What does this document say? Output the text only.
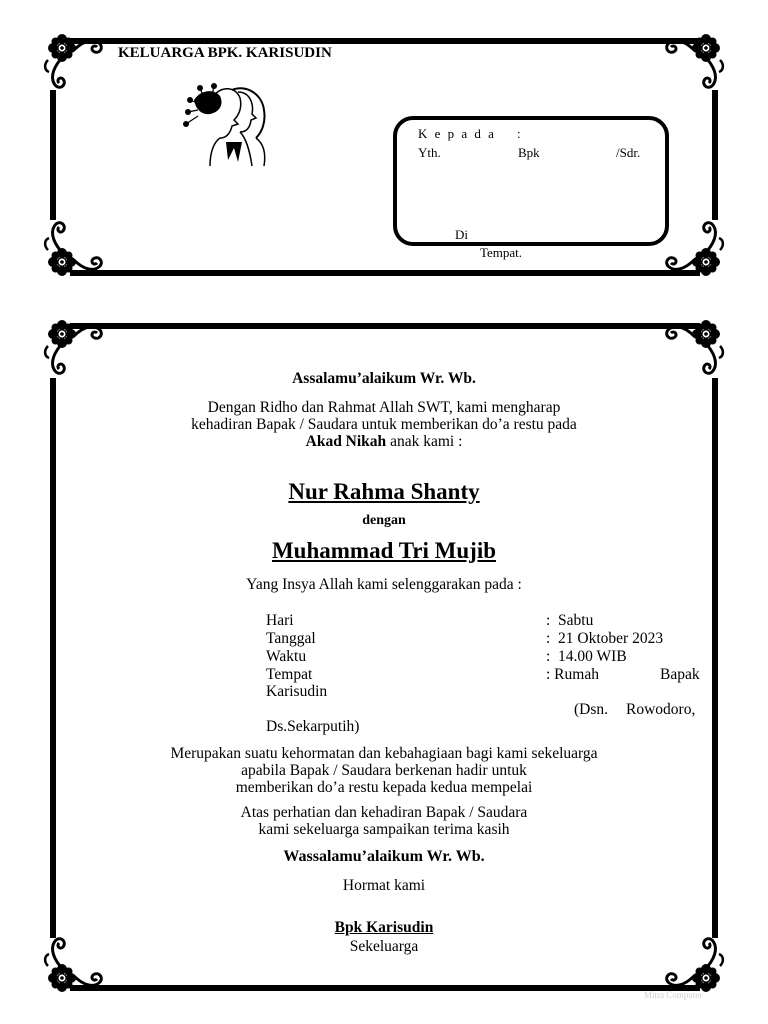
KELUARGA BPK. KARISUDIN
K e p a d a    :
Yth.	Bpk	/Sdr.
Di
Tempat.
Assalamu’alaikum Wr. Wb.
Dengan Ridho dan Rahmat Allah SWT, kami mengharap
kehadiran Bapak / Saudara untuk memberikan do’a restu pada
Akad Nikah anak kami :
Nur Rahma Shanty
dengan
Muhammad Tri Mujib
Yang Insya Allah kami selenggarakan pada :
Hari	:  Sabtu
Tanggal	:  21 Oktober 2023
Waktu	:  14.00 WIB
Tempat	: Rumah	Bapak
Karisudin
(Dsn. Rowodoro,
Ds.Sekarputih)
Merupakan suatu kehormatan dan kebahagiaan bagi kami sekeluarga
apabila Bapak / Saudara berkenan hadir untuk
memberikan do’a restu kepada kedua mempelai
Atas perhatian dan kehadiran Bapak / Saudara
kami sekeluarga sampaikan terima kasih
Wassalamu’alaikum Wr. Wb.
Hormat kami
Bpk Karisudin
Sekeluarga
Mitra Computer
